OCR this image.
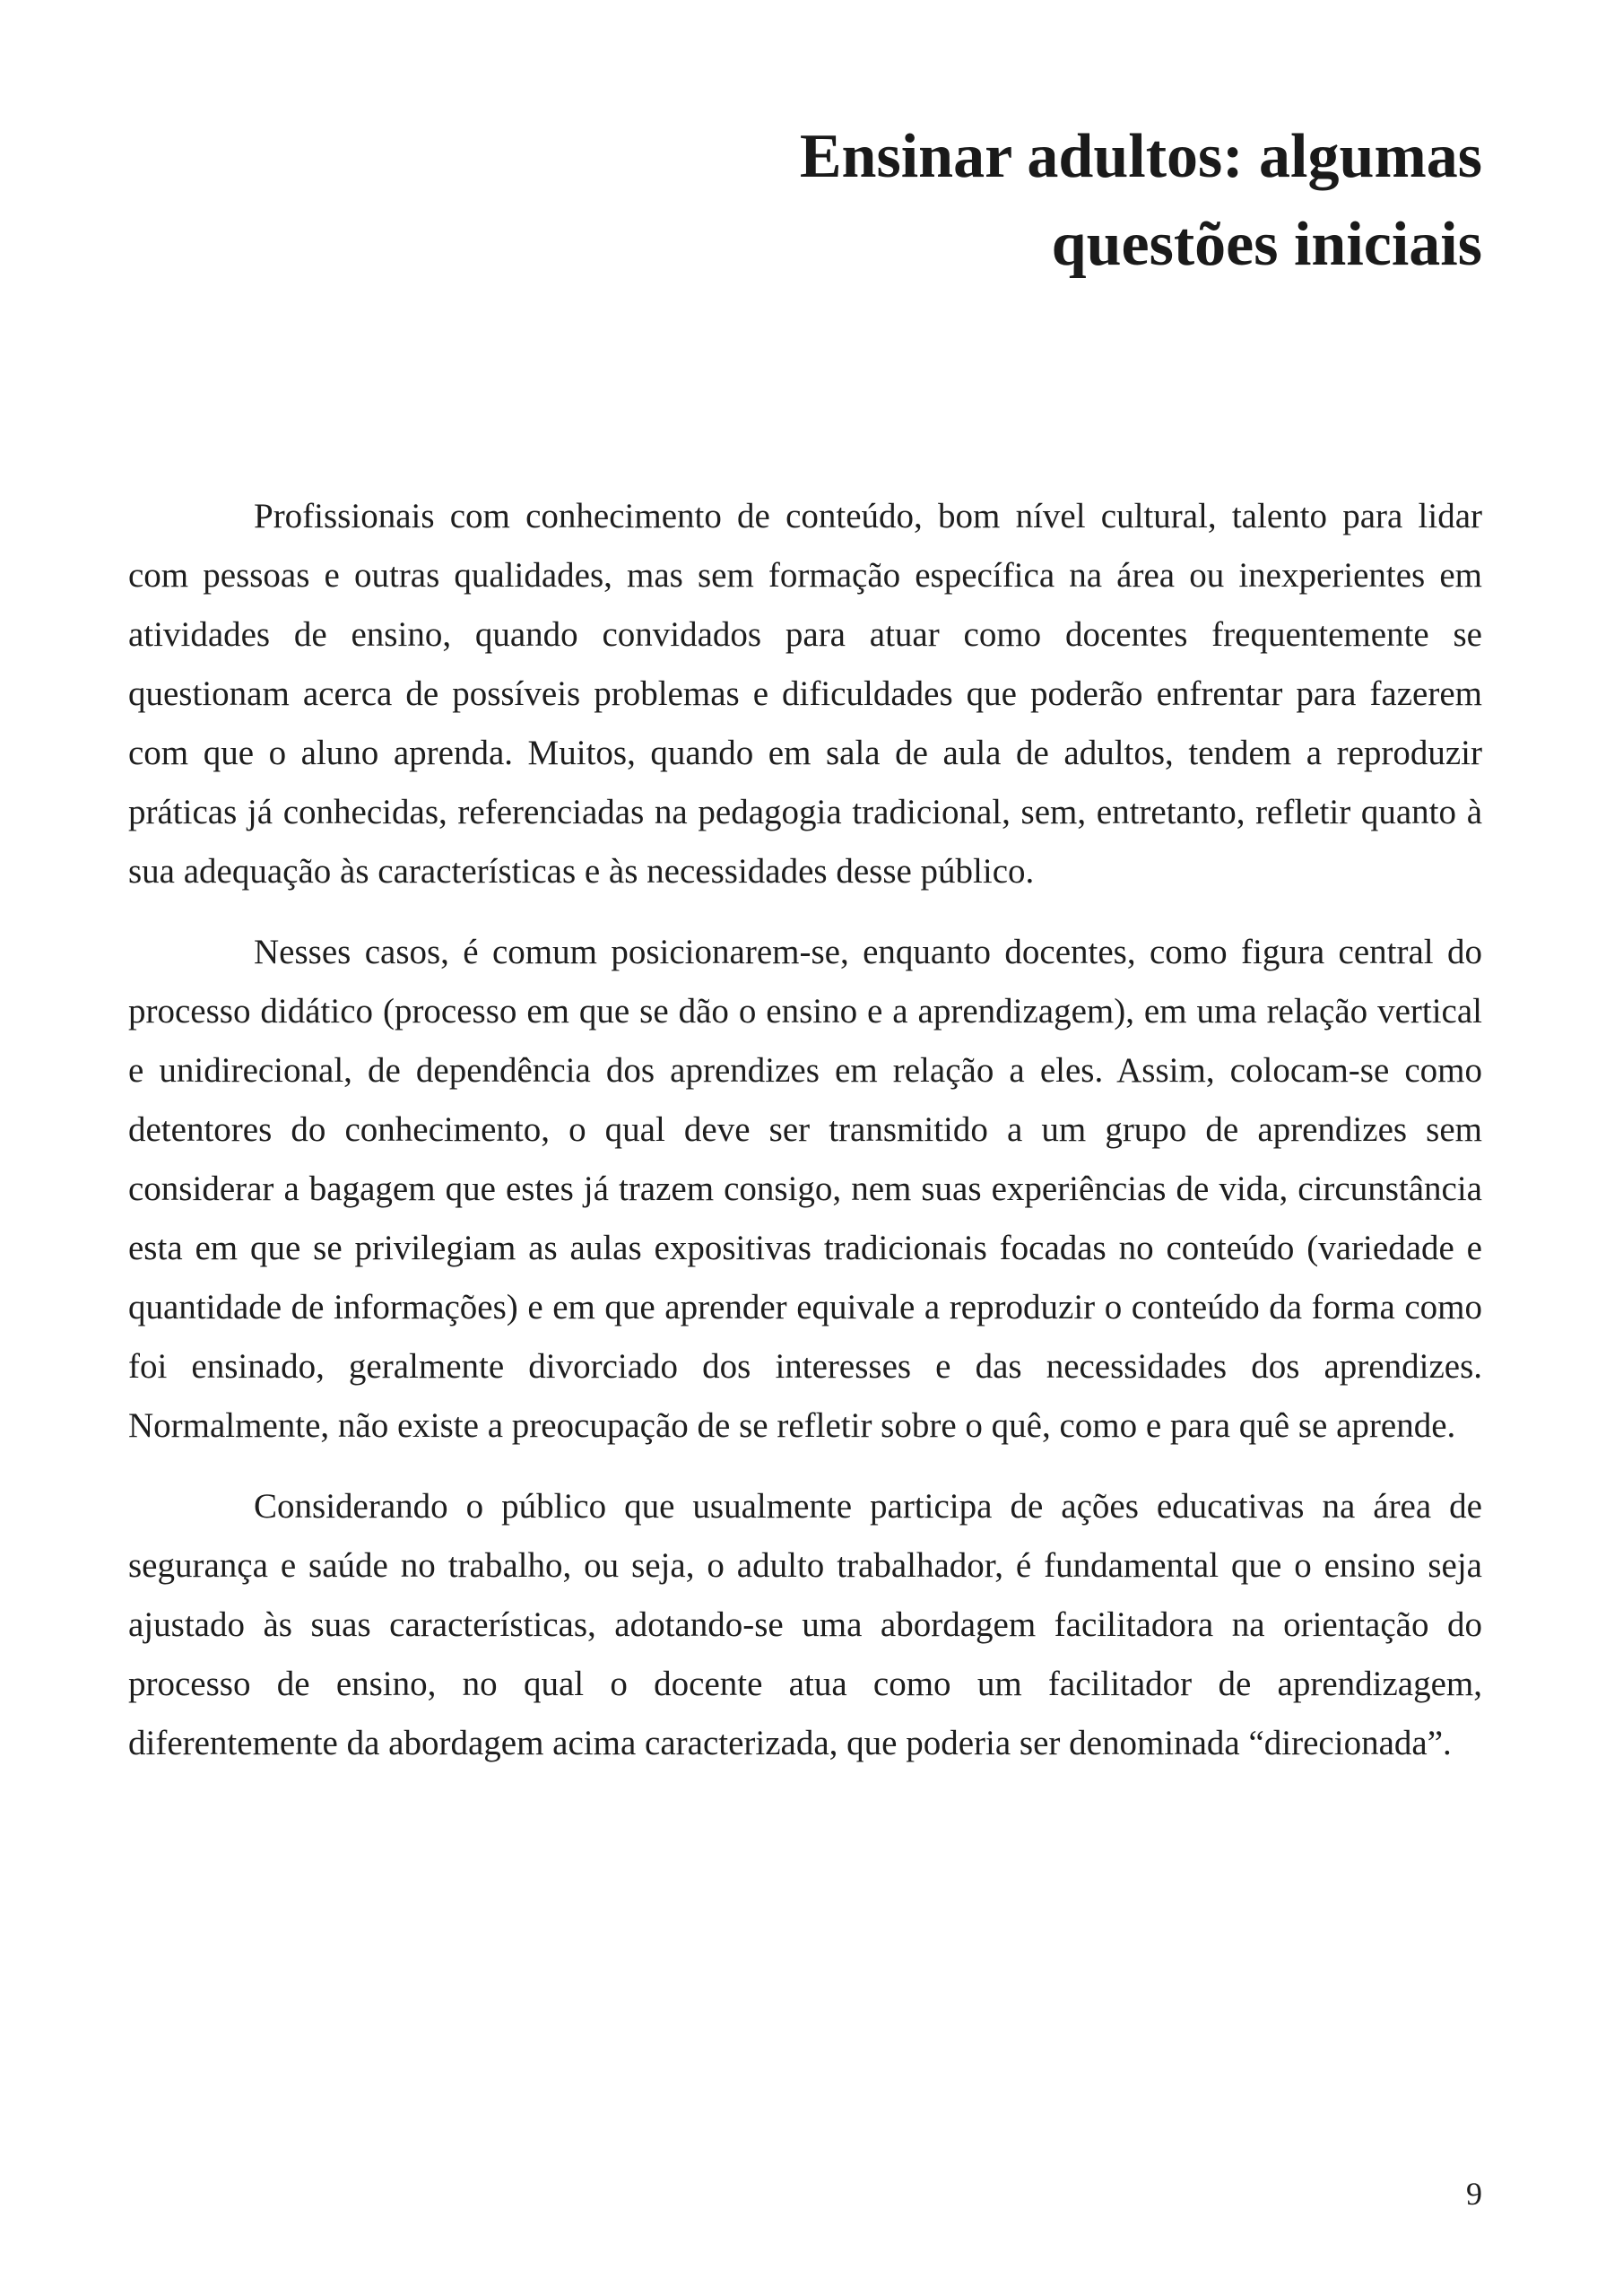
Ensinar adultos: algumas
questões iniciais

Profissionais com conhecimento de conteúdo, bom nível cultural, talento para lidar com pessoas e outras qualidades, mas sem formação específica na área ou inexperientes em atividades de ensino, quando convidados para atuar como docentes frequentemente se questionam acerca de possíveis problemas e dificuldades que poderão enfrentar para fazerem com que o aluno aprenda. Muitos, quando em sala de aula de adultos, tendem a reproduzir práticas já conhecidas, referenciadas na pedagogia tradicional, sem, entretanto, refletir quanto à sua adequação às características e às necessidades desse público.

Nesses casos, é comum posicionarem-se, enquanto docentes, como figura central do processo didático (processo em que se dão o ensino e a aprendizagem), em uma relação vertical e unidirecional, de dependência dos aprendizes em relação a eles. Assim, colocam-se como detentores do conhecimento, o qual deve ser transmitido a um grupo de aprendizes sem considerar a bagagem que estes já trazem consigo, nem suas experiências de vida, circunstância esta em que se privilegiam as aulas expositivas tradicionais focadas no conteúdo (variedade e quantidade de informações) e em que aprender equivale a reproduzir o conteúdo da forma como foi ensinado, geralmente divorciado dos interesses e das necessidades dos aprendizes. Normalmente, não existe a preocupação de se refletir sobre o quê, como e para quê se aprende.

Considerando o público que usualmente participa de ações educativas na área de segurança e saúde no trabalho, ou seja, o adulto trabalhador, é fundamental que o ensino seja ajustado às suas características, adotando-se uma abordagem facilitadora na orientação do processo de ensino, no qual o docente atua como um facilitador de aprendizagem, diferentemente da abordagem acima caracterizada, que poderia ser denominada “direcionada”.

9
